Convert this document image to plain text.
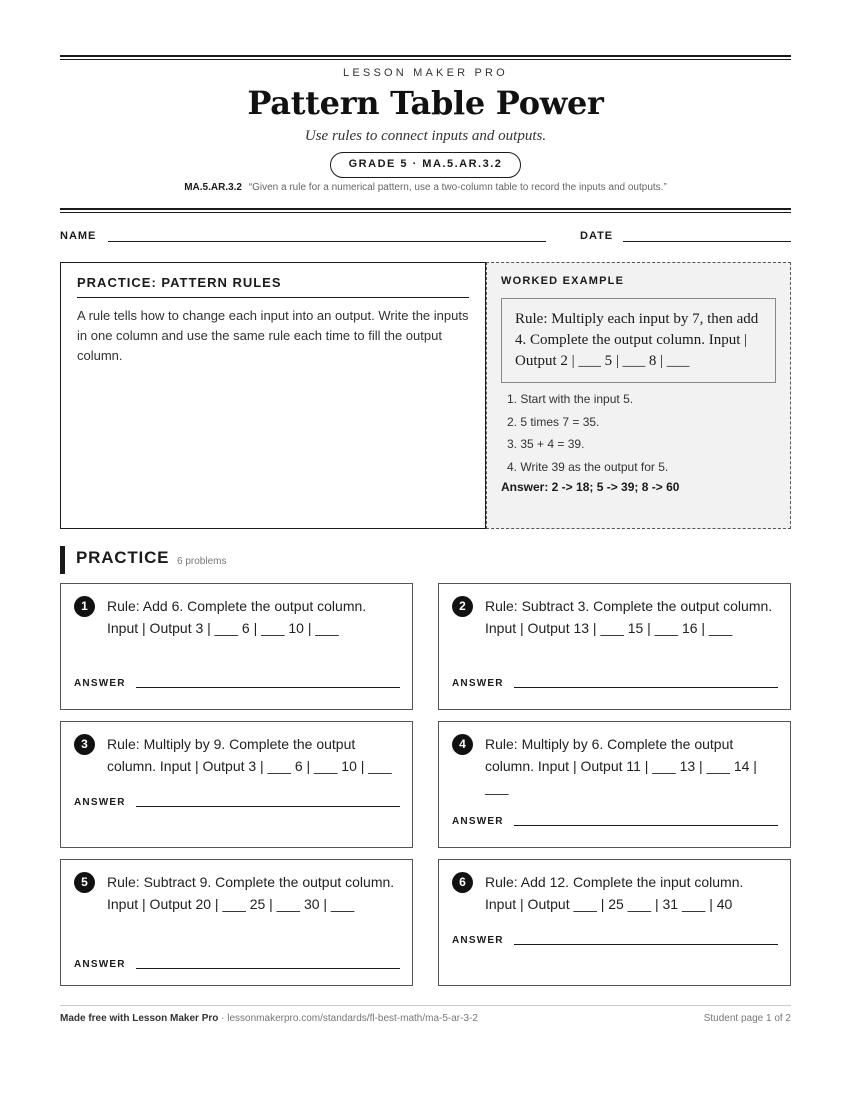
LESSON MAKER PRO
Pattern Table Power
Use rules to connect inputs and outputs.
GRADE 5 · MA.5.AR.3.2
MA.5.AR.3.2 “Given a rule for a numerical pattern, use a two-column table to record the inputs and outputs.”
NAME	DATE
PRACTICE: PATTERN RULES

A rule tells how to change each input into an output. Write the inputs in one column and use the same rule each time to fill the output column.

WORKED EXAMPLE
Rule: Multiply each input by 7, then add 4. Complete the output column. Input | Output 2 | ___ 5 | ___ 8 | ___
1. Start with the input 5.
2. 5 times 7 = 35.
3. 35 + 4 = 39.
4. Write 39 as the output for 5.
Answer: 2 -> 18; 5 -> 39; 8 -> 60
PRACTICE 6 problems
1	Rule: Add 6. Complete the output column. Input | Output 3 | ___ 6 | ___ 10 | ___
ANSWER
2	Rule: Subtract 3. Complete the output column. Input | Output 13 | ___ 15 | ___ 16 | ___
ANSWER
3	Rule: Multiply by 9. Complete the output column. Input | Output 3 | ___ 6 | ___ 10 | ___
ANSWER
4	Rule: Multiply by 6. Complete the output column. Input | Output 11 | ___ 13 | ___ 14 | ___
ANSWER
5	Rule: Subtract 9. Complete the output column. Input | Output 20 | ___ 25 | ___ 30 | ___
ANSWER
6	Rule: Add 12. Complete the input column. Input | Output ___ | 25 ___ | 31 ___ | 40
ANSWER
Made free with Lesson Maker Pro · lessonmakerpro.com/standards/fl-best-math/ma-5-ar-3-2	Student page 1 of 2
